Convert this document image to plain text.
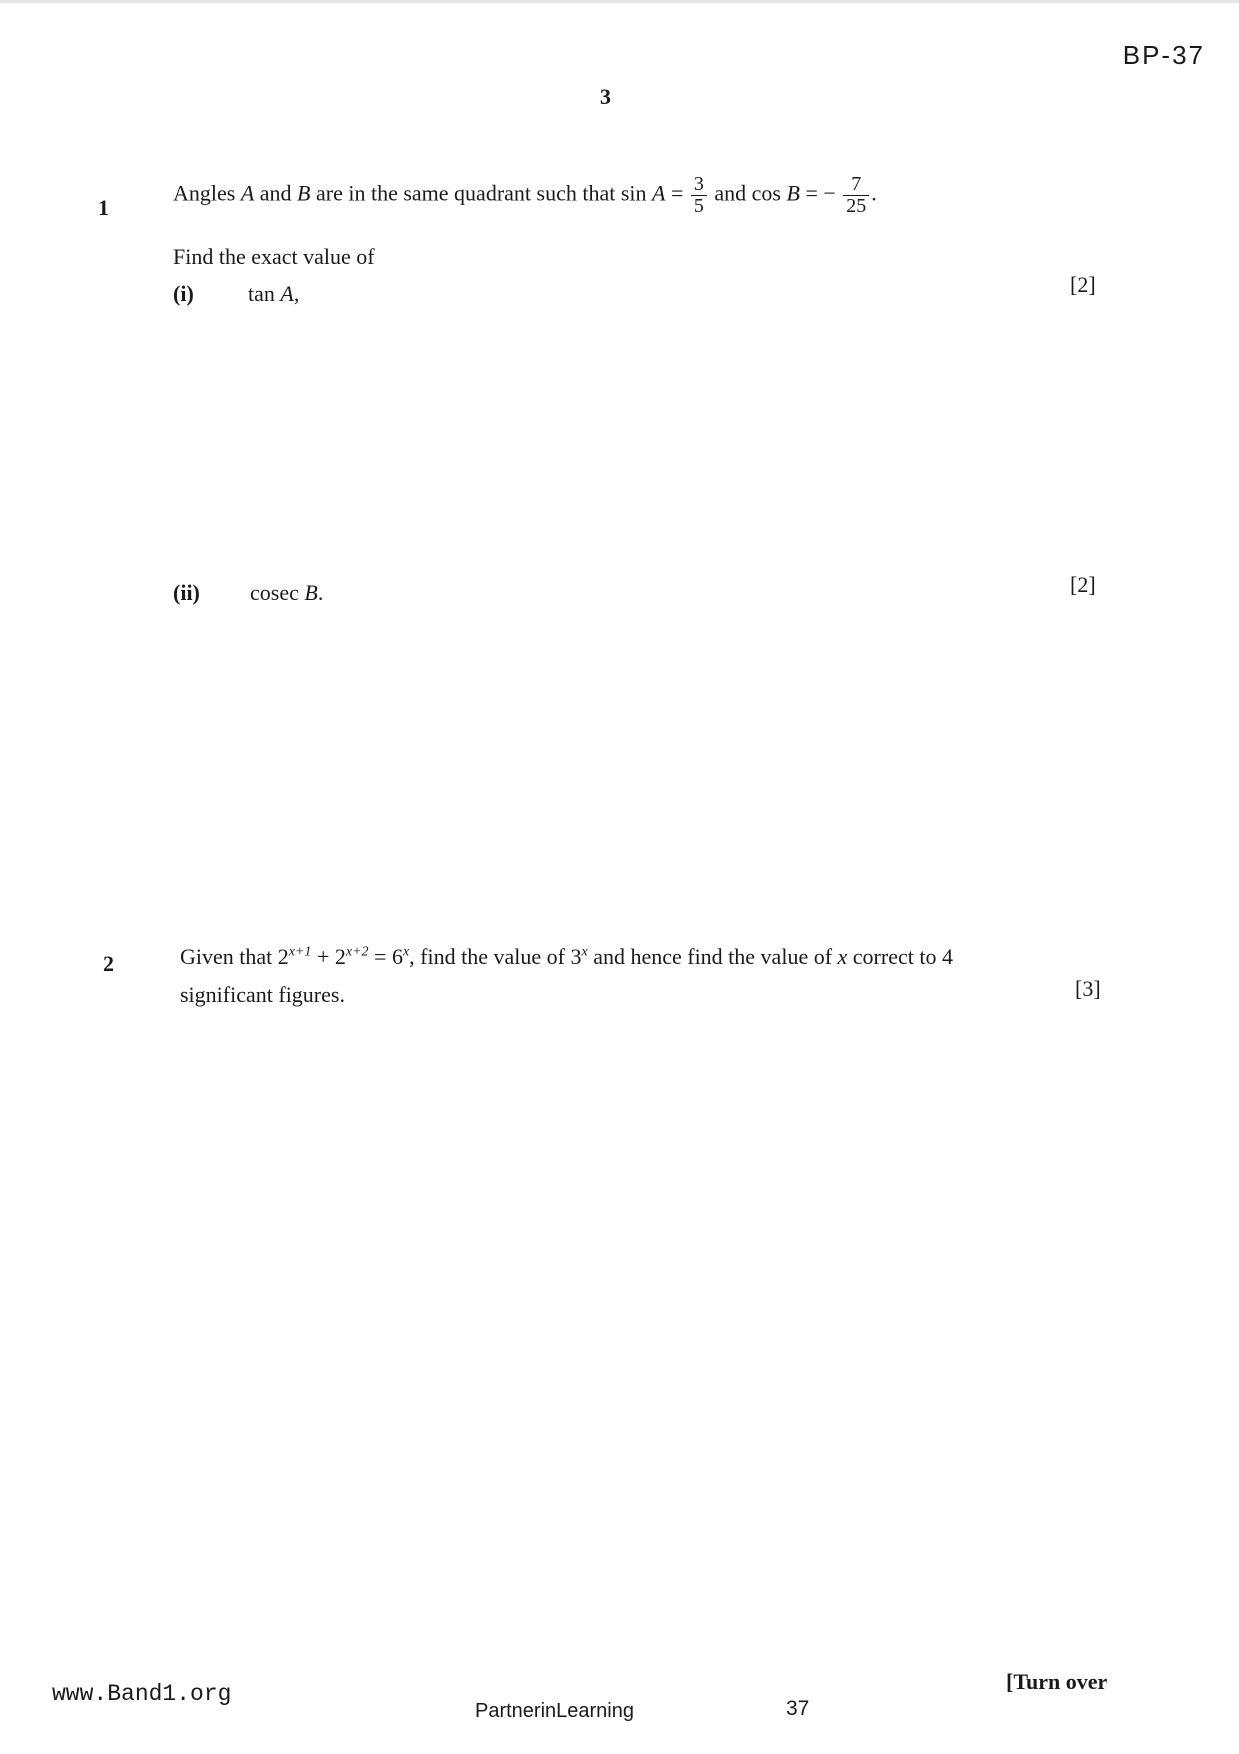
BP-37
3
1
Angles A and B are in the same quadrant such that $\sin A = \frac{3}{5}$ and cos B = − $\frac{7}{25}$ .
Find the exact value of
(i) tan A,	[2]
(ii) cosec B.	[2]
2	Given that $2^{x+1} + 2^{x+2} = 6^x$, find the value of 3$^x$ and hence find the value of x correct to 4
significant figures.	[3]
www.Band1.org
PartnerinLearning	37
[Turn over
